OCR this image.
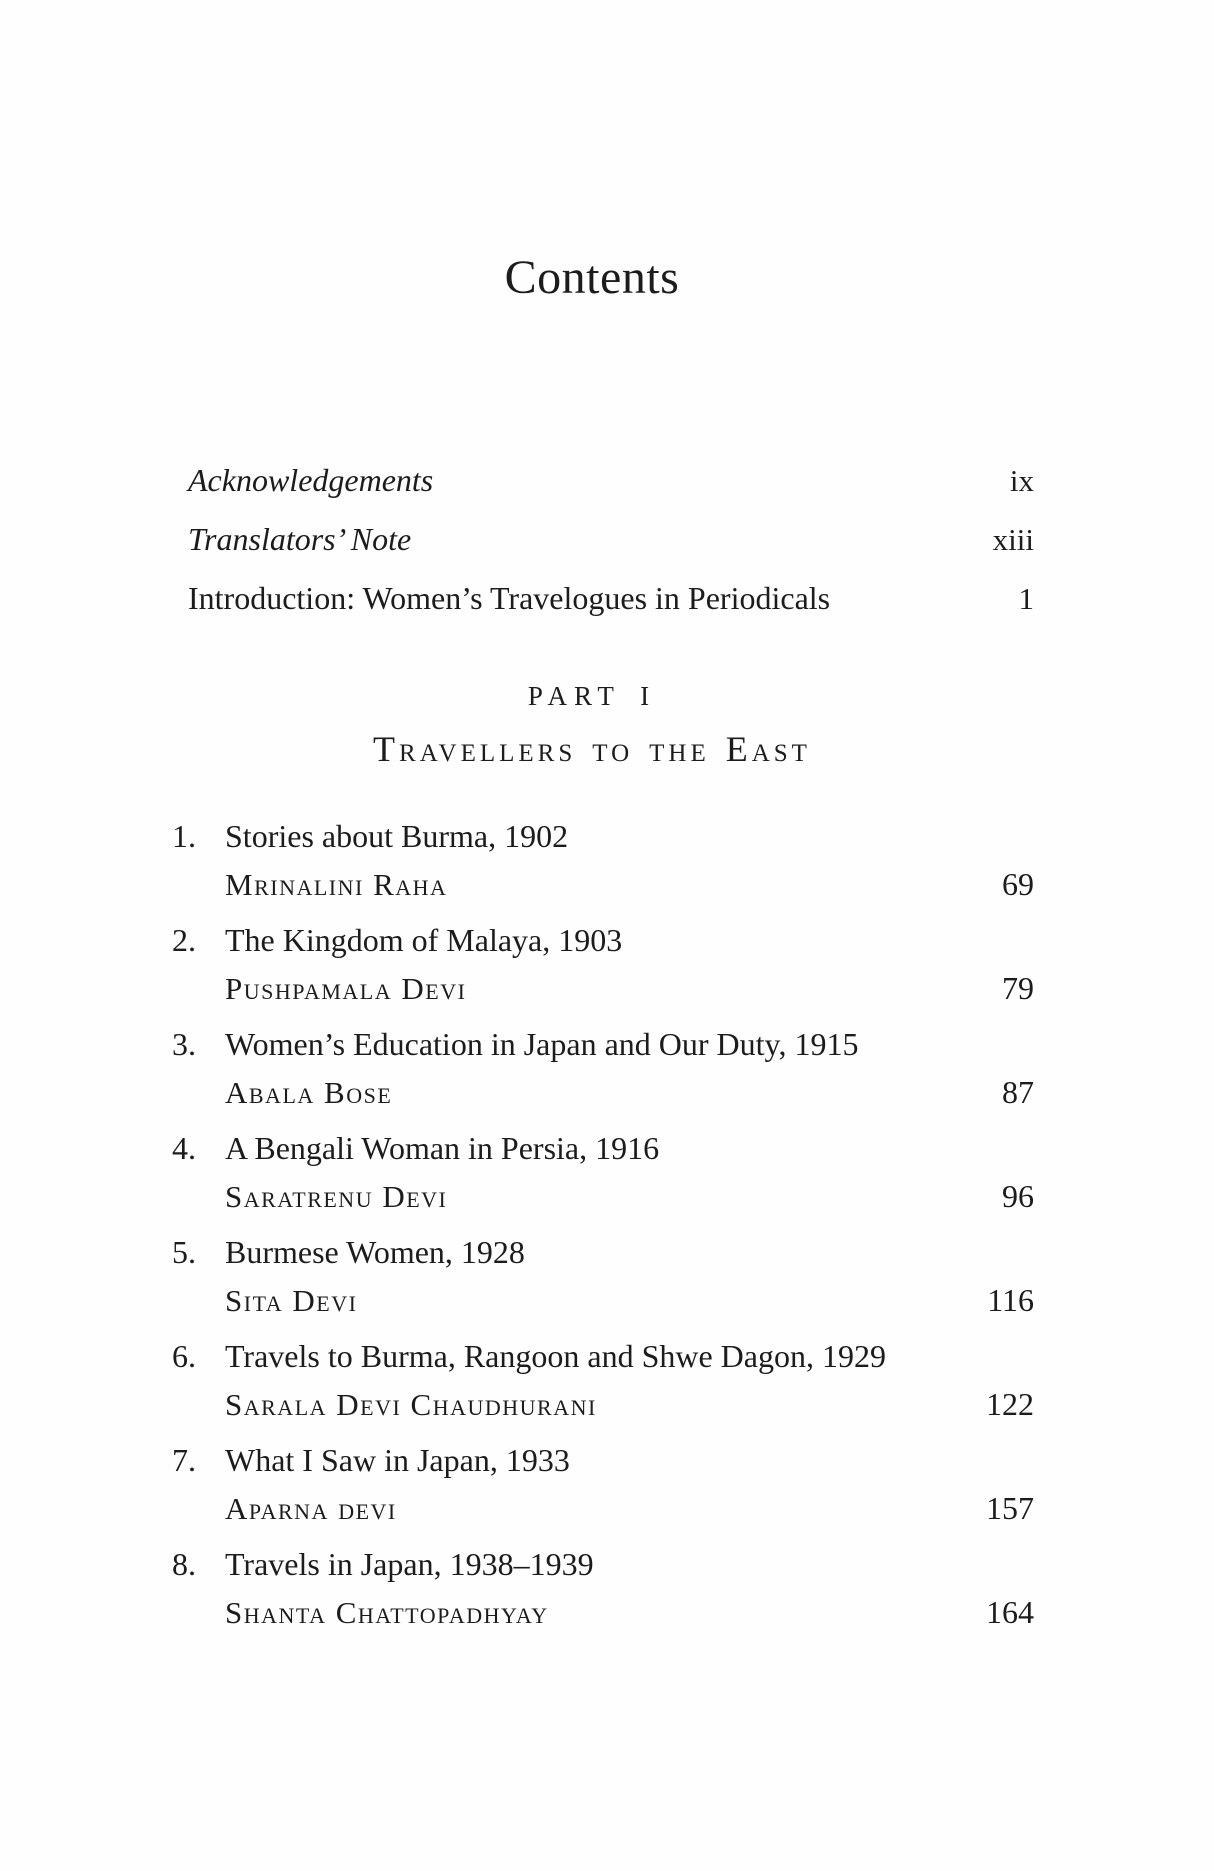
Contents
Acknowledgements	ix
Translators’ Note	xiii
Introduction: Women’s Travelogues in Periodicals	1
PART I
Travellers to the East
1. Stories about Burma, 1902
Mrinalini Raha	69
2. The Kingdom of Malaya, 1903
Pushpamala Devi	79
3. Women’s Education in Japan and Our Duty, 1915
Abala Bose	87
4. A Bengali Woman in Persia, 1916
Saratrenu Devi	96
5. Burmese Women, 1928
Sita Devi	116
6. Travels to Burma, Rangoon and Shwe Dagon, 1929
Sarala Devi Chaudhurani	122
7. What I Saw in Japan, 1933
Aparna devi	157
8. Travels in Japan, 1938–1939
Shanta Chattopadhyay	164
